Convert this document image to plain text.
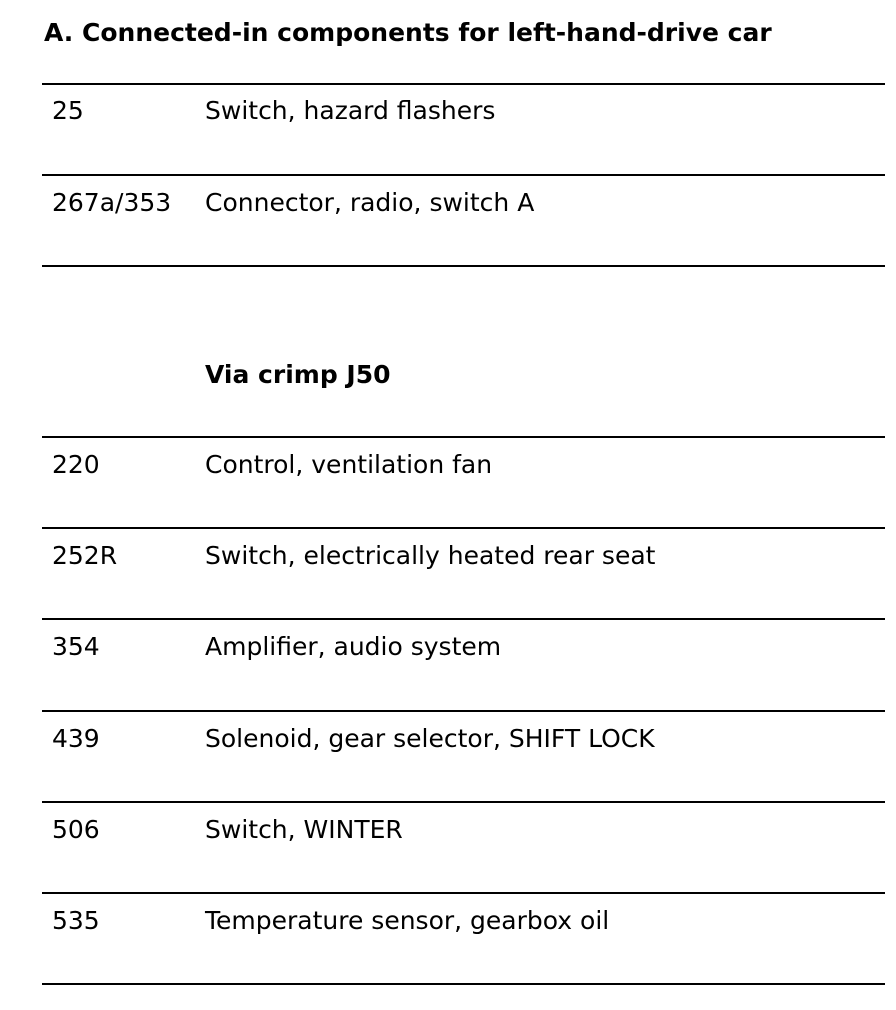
A. Connected-in components for left-hand-drive car
25	Switch, hazard flashers
267a/353 Connector, radio, switch A
Via crimp J50
220	Control, ventilation fan
252R	Switch, electrically heated rear seat
354	Amplifier, audio system
439	Solenoid, gear selector, SHIFT LOCK
506	Switch, WINTER
535	Temperature sensor, gearbox oil
